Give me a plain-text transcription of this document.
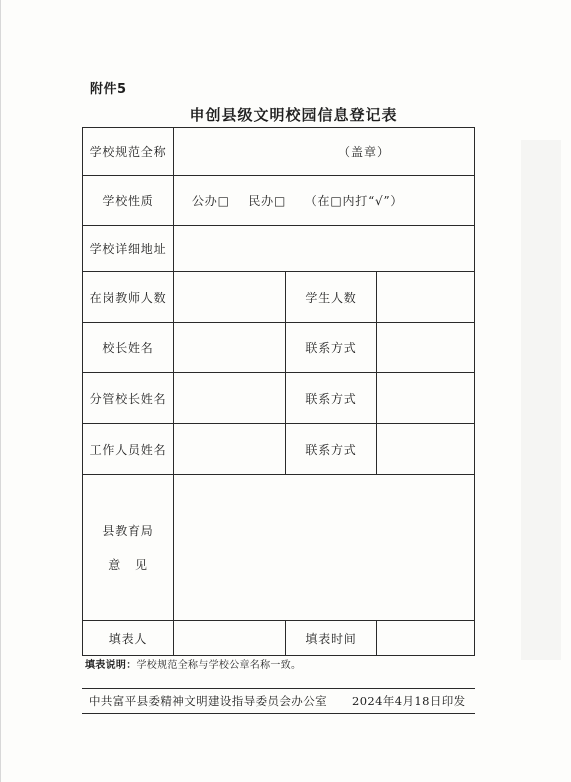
附件5
申创县级文明校园信息登记表
学校规范全称	（盖章）		
学校性质	公办□ 民办□ （在□内打“√”）		
学校详细地址			
在岗教师人数		学生人数	
校长姓名		联系方式	
分管校长姓名		联系方式	
工作人员姓名		联系方式	

县教育局
意 见			

填表人		填表时间	
填表说明：学校规范全称与学校公章名称一致。
中共富平县委精神文明建设指导委员会办公室 2024年4月18日印发
